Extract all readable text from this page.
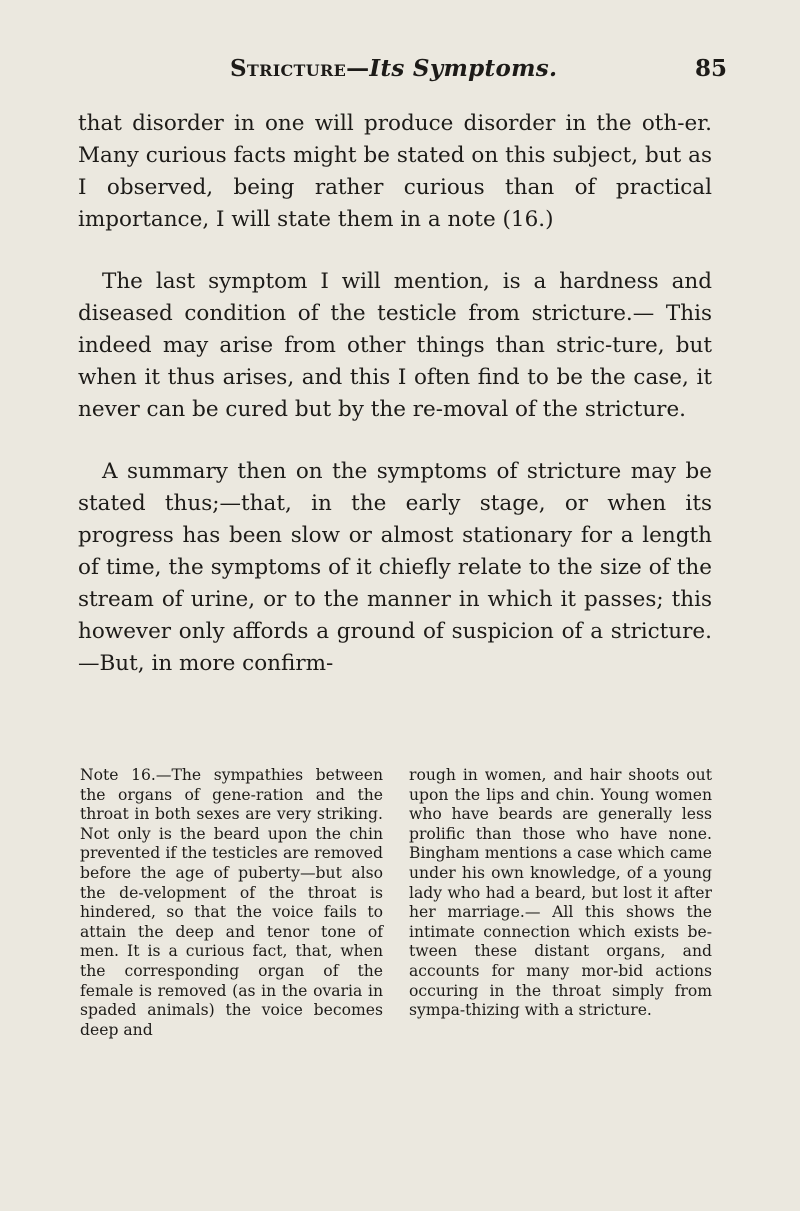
Stricture—Its Symptoms.	85

that disorder in one will produce disorder in the oth-er. Many curious facts might be stated on this subject, but as I observed, being rather curious than of practical importance, I will state them in a note (16.)

The last symptom I will mention, is a hardness and diseased condition of the testicle from stricture.— This indeed may arise from other things than stric-ture, but when it thus arises, and this I often find to be the case, it never can be cured but by the re-moval of the stricture.

A summary then on the symptoms of stricture may be stated thus;—that, in the early stage, or when its progress has been slow or almost stationary for a length of time, the symptoms of it chiefly relate to the size of the stream of urine, or to the manner in which it passes; this however only affords a ground of suspicion of a stricture.—But, in more confirm-

Note 16.—The sympathies between the organs of gene-ration and the throat in both sexes are very striking. Not only is the beard upon the chin prevented if the testicles are removed before the age of puberty—but also the de-velopment of the throat is hindered, so that the voice fails to attain the deep and tenor tone of men. It is a curious fact, that, when the corresponding organ of the female is removed (as in the ovaria in spaded animals) the voice becomes deep and
rough in women, and hair shoots out upon the lips and chin. Young women who have beards are generally less prolific than those who have none. Bingham mentions a case which came under his own knowledge, of a young lady who had a beard, but lost it after her marriage.— All this shows the intimate connection which exists be-tween these distant organs, and accounts for many mor-bid actions occuring in the throat simply from sympa-thizing with a stricture.
